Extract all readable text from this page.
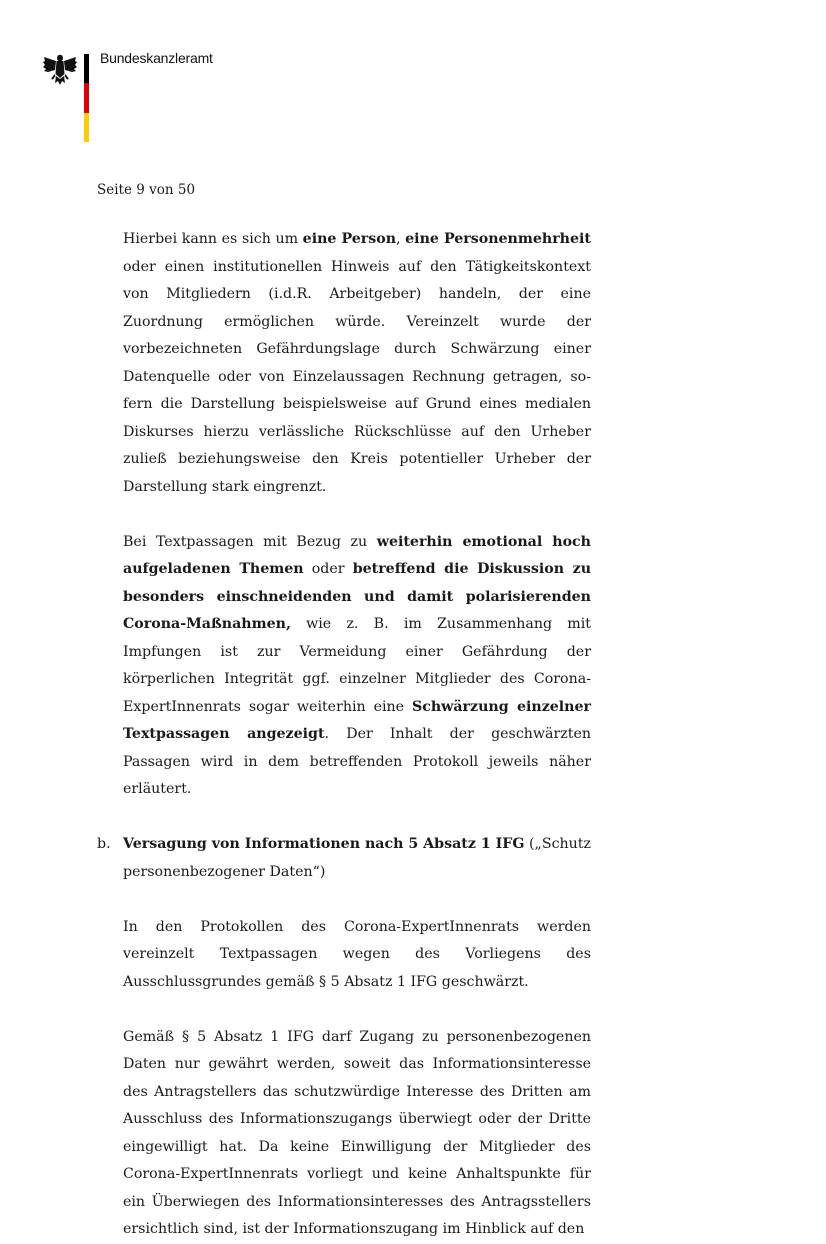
Bundeskanzleramt
Seite 9 von 50

Hierbei kann es sich um eine Person, eine Personenmehrheit oder einen institutionellen Hinweis auf den Tätigkeitskontext von Mitgliedern (i.d.R. Arbeitgeber) handeln, der eine Zuordnung ermöglichen würde. Vereinzelt wurde der vorbezeichneten Gefährdungslage durch Schwärzung einer Datenquelle oder von Einzelaussagen Rechnung getragen, sofern die Darstellung beispielsweise auf Grund eines medialen Diskurses hierzu verlässliche Rückschlüsse auf den Urheber zuließ beziehungsweise den Kreis potentieller Urheber der Darstellung stark eingrenzt.

Bei Textpassagen mit Bezug zu weiterhin emotional hoch aufgeladenen Themen oder betreffend die Diskussion zu besonders einschneidenden und damit polarisierenden Corona-Maßnahmen, wie z. B. im Zusammenhang mit Impfungen ist zur Vermeidung einer Gefährdung der körperlichen Integrität ggf. einzelner Mitglieder des Corona-ExpertInnenrats sogar weiterhin eine Schwärzung einzelner Textpassagen angezeigt. Der Inhalt der geschwärzten Passagen wird in dem betreffenden Protokoll jeweils näher erläutert.

b. Versagung von Informationen nach 5 Absatz 1 IFG („Schutz personenbezogener Daten“)

In den Protokollen des Corona-ExpertInnenrats werden vereinzelt Textpassagen wegen des Vorliegens des Ausschlussgrundes gemäß § 5 Absatz 1 IFG geschwärzt.

Gemäß § 5 Absatz 1 IFG darf Zugang zu personenbezogenen Daten nur gewährt werden, soweit das Informationsinteresse des Antragstellers das schutzwürdige Interesse des Dritten am Ausschluss des Informationszugangs überwiegt oder der Dritte eingewilligt hat. Da keine Einwilligung der Mitglieder des Corona-ExpertInnenrats vorliegt und keine Anhaltspunkte für ein Überwiegen des Informationsinteresses des Antragsstellers ersichtlich sind, ist der Informationszugang im Hinblick auf den
